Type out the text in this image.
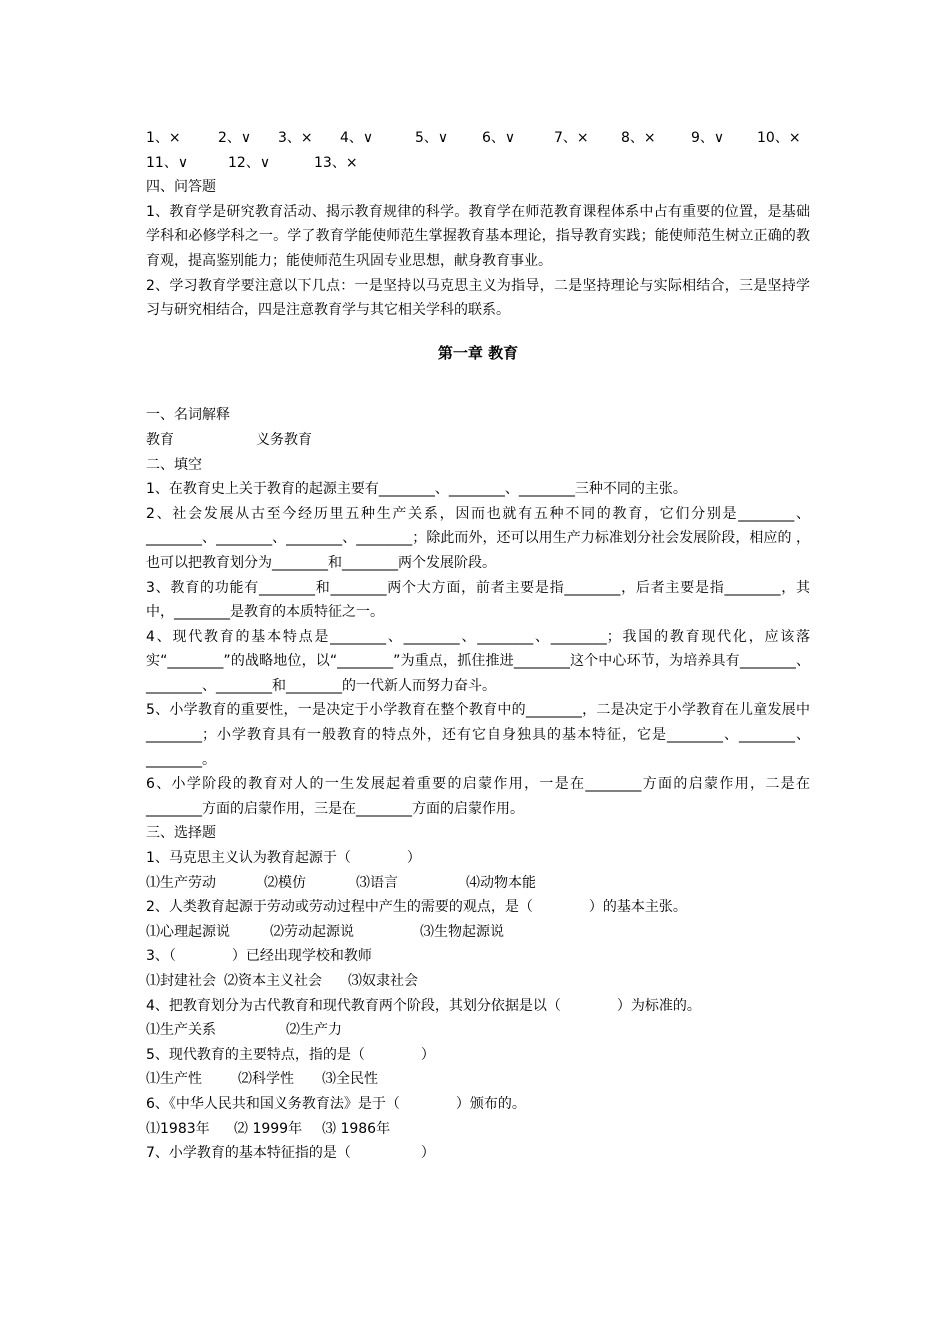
1、×	2、∨ 3、× 4、∨	5、∨ 6、∨	7、× 8、×	9、∨ 10、×
11、∨	12、∨	13、×
四、问答题
1、教育学是研究教育活动、揭示教育规律的科学。教育学在师范教育课程体系中占有重要的位置，是基础学科和必修学科之一。学了教育学能使师范生掌握教育基本理论，指导教育实践；能使师范生树立正确的教育观，提高鉴别能力；能使师范生巩固专业思想，献身教育事业。
2、学习教育学要注意以下几点：一是坚持以马克思主义为指导，二是坚持理论与实际相结合，三是坚持学习与研究相结合，四是注意教育学与其它相关学科的联系。
第一章 教育
一、名词解释
教育	义务教育
二、填空
1、在教育史上关于教育的起源主要有________、________、________三种不同的主张。
2、社会发展从古至今经历里五种生产关系，因而也就有五种不同的教育，它们分别是________、________、________、________、________；除此而外，还可以用生产力标准划分社会发展阶段，相应的 ，也可以把教育划分为________和________两个发展阶段。
3、教育的功能有________和________两个大方面，前者主要是指________，后者主要是指________，其中，________是教育的本质特征之一。
4、现代教育的基本特点是________、________、________、________；我国的教育现代化，应该落实“________”的战略地位，以“________”为重点，抓住推进________这个中心环节，为培养具有________、________、________和________的一代新人而努力奋斗。
5、小学教育的重要性，一是决定于小学教育在整个教育中的________，二是决定于小学教育在儿童发展中________；小学教育具有一般教育的特点外，还有它自身独具的基本特征，它是________、________、________。
6、小学阶段的教育对人的一生发展起着重要的启蒙作用，一是在________方面的启蒙作用，二是在________方面的启蒙作用，三是在________方面的启蒙作用。
三、选择题
1、马克思主义认为教育起源于（　　　　）
⑴生产劳动	⑵模仿	⑶语言	⑷动物本能
2、人类教育起源于劳动或劳动过程中产生的需要的观点，是（　　　　）的基本主张。
⑴心理起源说	⑵劳动起源说	⑶生物起源说
3、（　　　　）已经出现学校和教师
⑴封建社会 ⑵资本主义社会 ⑶奴隶社会
4、把教育划分为古代教育和现代教育两个阶段，其划分依据是以（　　　　）为标准的。
⑴生产关系	⑵生产力
5、现代教育的主要特点，指的是（　　　　）
⑴生产性	⑵科学性 ⑶全民性
6、《中华人民共和国义务教育法》是于（　　　　）颁布的。
⑴1983年 ⑵ 1999年 ⑶ 1986年
7、小学教育的基本特征指的是（　　　　　）
